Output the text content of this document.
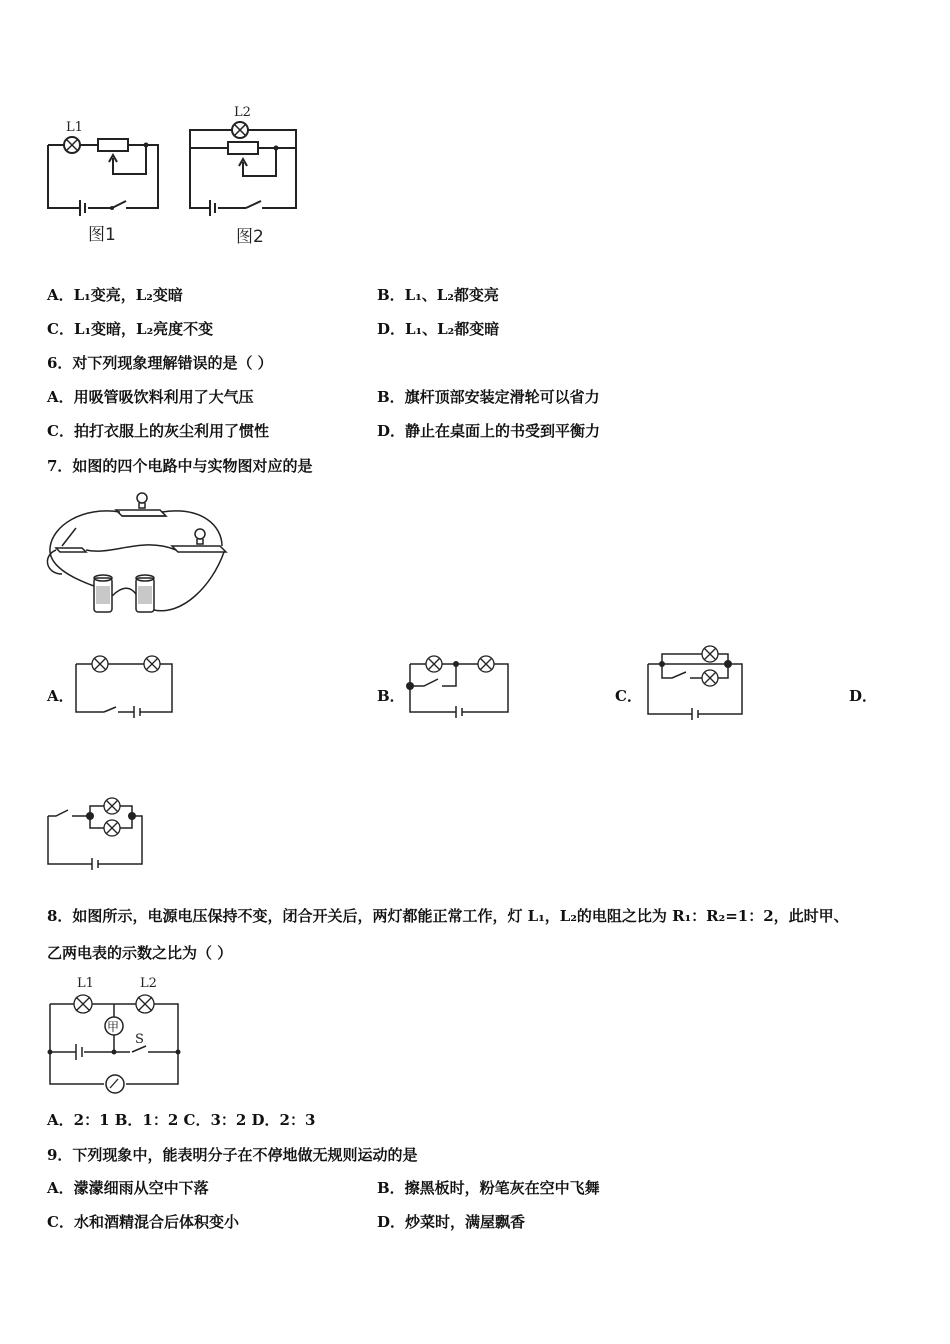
L1
图1
L2
图2
A．L₁变亮，L₂变暗	B．L₁、L₂都变亮
C．L₁变暗，L₂亮度不变	D．L₁、L₂都变暗
6．对下列现象理解错误的是（ ）
A．用吸管吸饮料利用了大气压	B．旗杆顶部安装定滑轮可以省力
C．拍打衣服上的灰尘利用了惯性	D．静止在桌面上的书受到平衡力
7．如图的四个电路中与实物图对应的是
A．	B．	C．	D．
8．如图所示，电源电压保持不变，闭合开关后，两灯都能正常工作，灯 L₁，L₂的电阻之比为 R₁：R₂=1：2，此时甲、
乙两电表的示数之比为（ ）
甲
L1	L2
S
A．2：1 B．1：2 C．3：2 D．2：3
9．下列现象中，能表明分子在不停地做无规则运动的是
A．濛濛细雨从空中下落	B．擦黑板时，粉笔灰在空中飞舞
C．水和酒精混合后体积变小	D．炒菜时，满屋飘香
